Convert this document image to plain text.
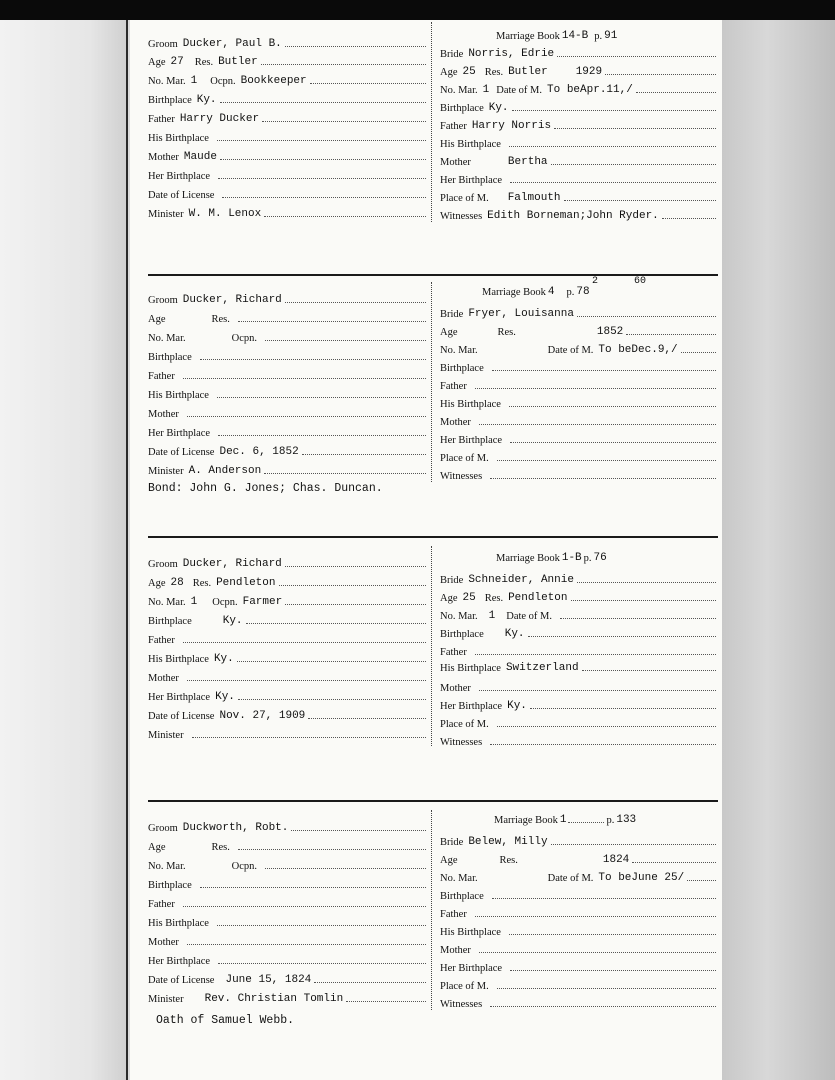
Groom Ducker, Paul B.
Age 27 Res. Butler
No. Mar. 1 Ocpn. Bookkeeper
Birthplace Ky.
Father Harry Ducker
His Birthplace
Mother Maude
Her Birthplace
Date of License
Minister W. M. Lenox
Marriage Book 14-B p. 91
Bride Norris, Edrie
Age 25 Res. Butler	1929
No. Mar. 1 Date of M. To beApr.11,/
Birthplace Ky.
Father Harry Norris
His Birthplace
Mother	Bertha
Her Birthplace
Place of M. Falmouth
Witnesses Edith Borneman;John Ryder.
Groom Ducker, Richard
Age	Res.
No. Mar.	Ocpn.
Birthplace
Father
His Birthplace
Mother
Her Birthplace
Date of License Dec. 6, 1852
Minister A. Anderson
Bond: John G. Jones; Chas. Duncan.
2	60
Marriage Book 4 p. 78
Bride Fryer, Louisanna
Age	Res.	1852
No. Mar.	Date of M. To beDec.9,/
Birthplace
Father
His Birthplace
Mother
Her Birthplace
Place of M.
Witnesses
Groom Ducker, Richard
Age 28 Res. Pendleton
No. Mar. 1 Ocpn. Farmer
Birthplace	Ky.
Father
His Birthplace Ky.
Mother
Her Birthplace Ky.
Date of License Nov. 27, 1909
Minister
Marriage Book 1-B p. 76
Bride Schneider, Annie
Age 25 Res. Pendleton
No. Mar. 1 Date of M.
Birthplace Ky.
Father
His Birthplace Switzerland
Mother
Her Birthplace Ky.
Place of M.
Witnesses
Groom Duckworth, Robt.
Age	Res.
No. Mar.	Ocpn.
Birthplace
Father
His Birthplace
Mother
Her Birthplace
Date of License June 15, 1824
Minister Rev. Christian Tomlin
Oath of Samuel Webb.
Marriage Book 1	p. 133
Bride Belew, Milly
Age	Res.	1824
No. Mar.	Date of M. To beJune 25/
Birthplace
Father
His Birthplace
Mother
Her Birthplace
Place of M.
Witnesses
